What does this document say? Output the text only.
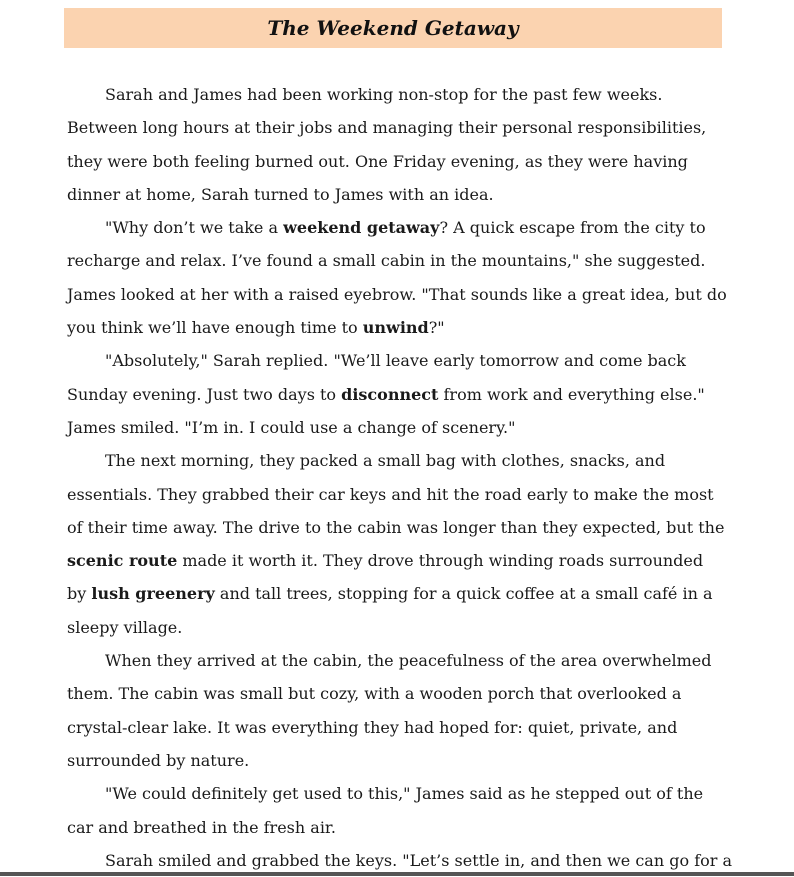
The Weekend Getaway
Sarah and James had been working non-stop for the past few weeks.
Between long hours at their jobs and managing their personal responsibilities,
they were both feeling burned out. One Friday evening, as they were having
dinner at home, Sarah turned to James with an idea.
"Why don’t we take a weekend getaway? A quick escape from the city to
recharge and relax. I’ve found a small cabin in the mountains," she suggested.
James looked at her with a raised eyebrow. "That sounds like a great idea, but do
you think we’ll have enough time to unwind?"
"Absolutely," Sarah replied. "We’ll leave early tomorrow and come back
Sunday evening. Just two days to disconnect from work and everything else."
James smiled. "I’m in. I could use a change of scenery."
The next morning, they packed a small bag with clothes, snacks, and
essentials. They grabbed their car keys and hit the road early to make the most
of their time away. The drive to the cabin was longer than they expected, but the
scenic route made it worth it. They drove through winding roads surrounded
by lush greenery and tall trees, stopping for a quick coffee at a small café in a
sleepy village.
When they arrived at the cabin, the peacefulness of the area overwhelmed
them. The cabin was small but cozy, with a wooden porch that overlooked a
crystal-clear lake. It was everything they had hoped for: quiet, private, and
surrounded by nature.
"We could definitely get used to this," James said as he stepped out of the
car and breathed in the fresh air.
Sarah smiled and grabbed the keys. "Let’s settle in, and then we can go for a
